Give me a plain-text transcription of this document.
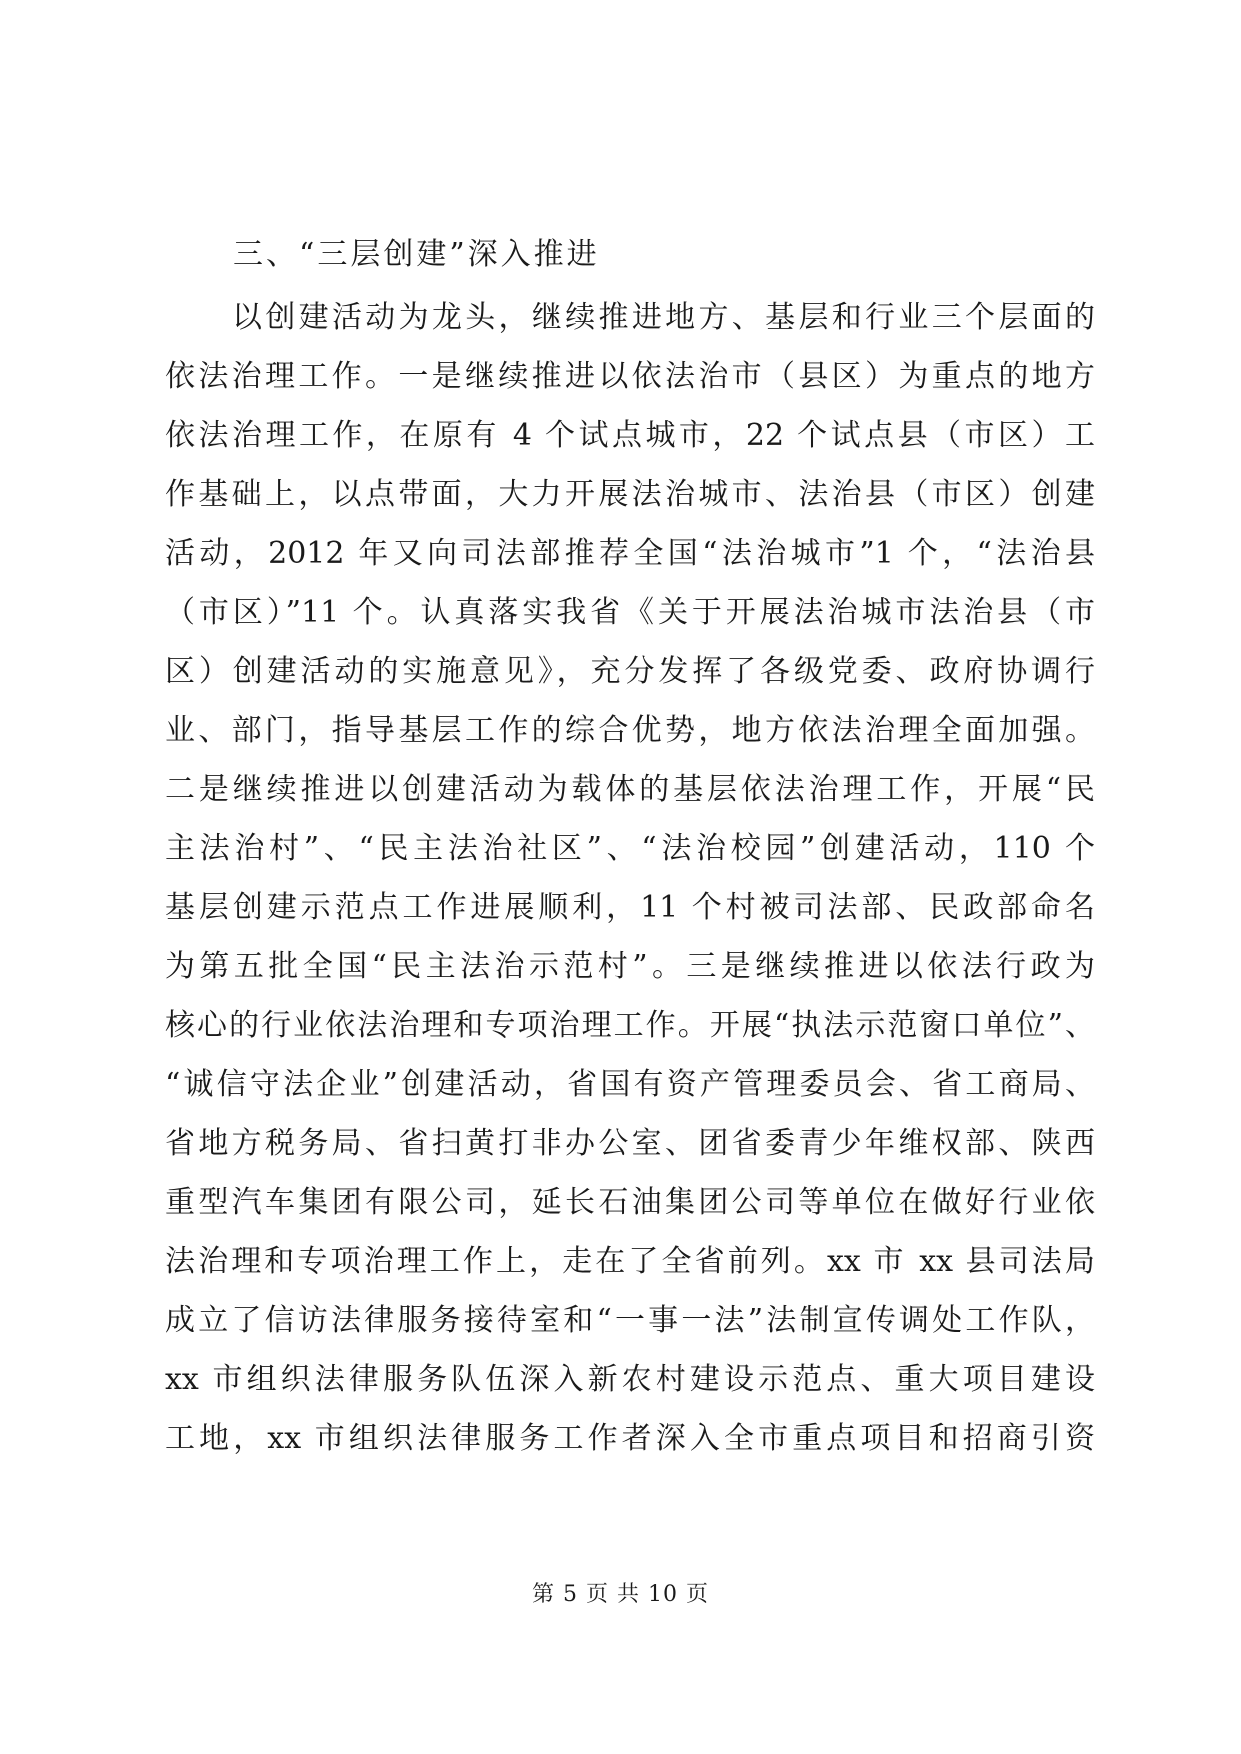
三、“三层创建”深入推进
以创建活动为龙头，继续推进地方、基层和行业三个层面的
依法治理工作。一是继续推进以依法治市（县区）为重点的地方
依法治理工作，在原有 4 个试点城市，22 个试点县（市区）工
作基础上，以点带面，大力开展法治城市、法治县（市区）创建
活动，2012 年又向司法部推荐全国“法治城市”1 个，“法治县
（市区）”11 个。认真落实我省《关于开展法治城市法治县（市
区）创建活动的实施意见》，充分发挥了各级党委、政府协调行
业、部门，指导基层工作的综合优势，地方依法治理全面加强。
二是继续推进以创建活动为载体的基层依法治理工作，开展“民
主法治村”、“民主法治社区”、“法治校园”创建活动，110 个
基层创建示范点工作进展顺利，11 个村被司法部、民政部命名
为第五批全国“民主法治示范村”。三是继续推进以依法行政为
核心的行业依法治理和专项治理工作。开展“执法示范窗口单位”、
“诚信守法企业”创建活动，省国有资产管理委员会、省工商局、
省地方税务局、省扫黄打非办公室、团省委青少年维权部、陕西
重型汽车集团有限公司，延长石油集团公司等单位在做好行业依
法治理和专项治理工作上，走在了全省前列。xx 市 xx 县司法局
成立了信访法律服务接待室和“一事一法”法制宣传调处工作队，
xx 市组织法律服务队伍深入新农村建设示范点、重大项目建设
工地，xx 市组织法律服务工作者深入全市重点项目和招商引资
第 5 页 共 10 页
